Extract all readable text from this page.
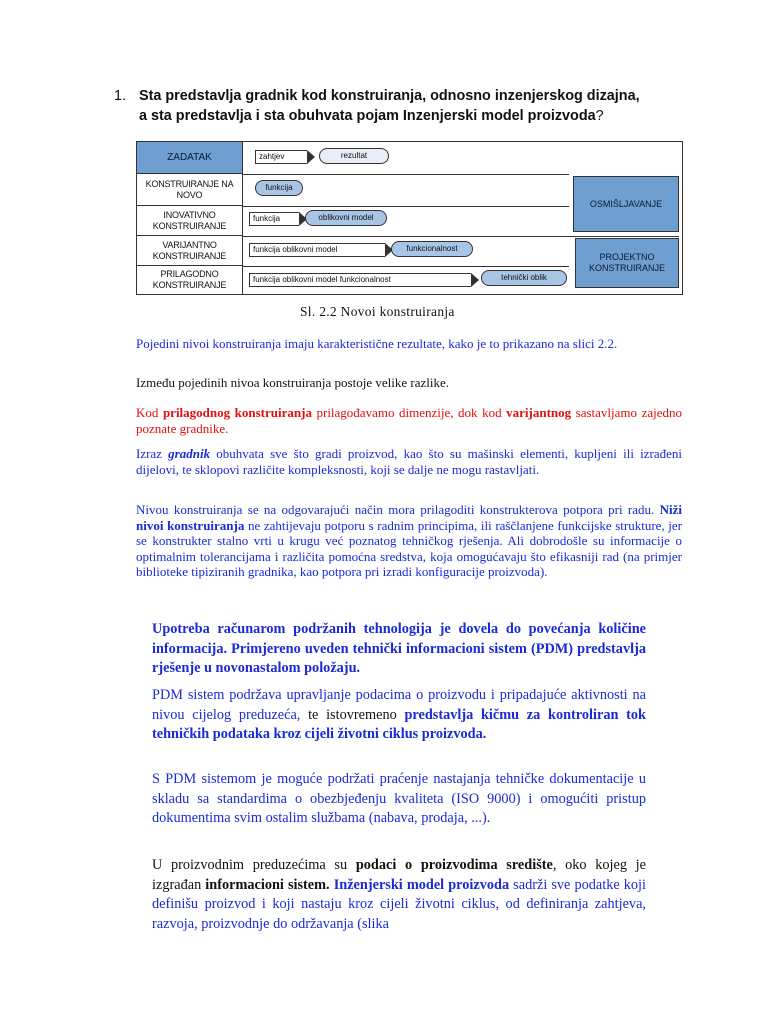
1. Sta predstavlja gradnik kod konstruiranja, odnosno inzenjerskog dizajna,
a sta predstavlja i sta obuhvata pojam Inzenjerski model proizvoda?
ZADATAK
KONSTRUIRANJE NA NOVO
INOVATIVNO KONSTRUIRANJE
VARIJANTNO KONSTRUIRANJE
PRILAGODNO KONSTRUIRANJE
zahtjev	rezultat
funkcija
funkcija	oblikovni model
funkcija oblikovni model	funkcionalnost
funkcija oblikovni model funkcionalnost	tehnički oblik
OSMIŠLJAVANJE
PROJEKTNO KONSTRUIRANJE
Sl. 2.2 Novoi konstruiranja

Pojedini nivoi konstruiranja imaju karakteristične rezultate, kako je to prikazano na slici 2.2.

Između pojedinih nivoa konstruiranja postoje velike razlike.

Kod prilagodnog konstruiranja prilagođavamo dimenzije, dok kod varijantnog sastavljamo zajedno poznate gradnike.

Izraz gradnik obuhvata sve što gradi proizvod, kao što su mašinski elementi, kupljeni ili izrađeni dijelovi, te sklopovi različite kompleksnosti, koji se dalje ne mogu rastavljati.

Nivou konstruiranja se na odgovarajući način mora prilagoditi konstrukterova potpora pri radu. Niži nivoi konstruiranja ne zahtijevaju potporu s radnim principima, ili raščlanjene funkcijske strukture, jer se konstrukter stalno vrti u krugu već poznatog tehničkog rješenja. Ali dobrodošle su informacije o optimalnim tolerancijama i različita pomoćna sredstva, koja omogućavaju što efikasniji rad (na primjer biblioteke tipiziranih gradnika, kao potpora pri izradi konfiguracije proizvoda).

Upotreba računarom podržanih tehnologija je dovela do povećanja količine informacija. Primjereno uveden tehnički informacioni sistem (PDM) predstavlja rješenje u novonastalom položaju.

PDM sistem podržava upravljanje podacima o proizvodu i pripadajuće aktivnosti na nivou cijelog preduzeća, te istovremeno predstavlja kičmu za kontroliran tok tehničkih podataka kroz cijeli životni ciklus proizvoda.

S PDM sistemom je moguće podržati praćenje nastajanja tehničke dokumentacije u skladu sa standardima o obezbjeđenju kvaliteta (ISO 9000) i omogućiti pristup dokumentima svim ostalim službama (nabava, prodaja, ...).

U proizvodnim preduzećima su podaci o proizvodima središte, oko kojeg je izgrađan informacioni sistem. Inženjerski model proizvoda sadrži sve podatke koji definišu proizvod i koji nastaju kroz cijeli životni ciklus, od definiranja zahtjeva, razvoja, proizvodnje do održavanja (slika
